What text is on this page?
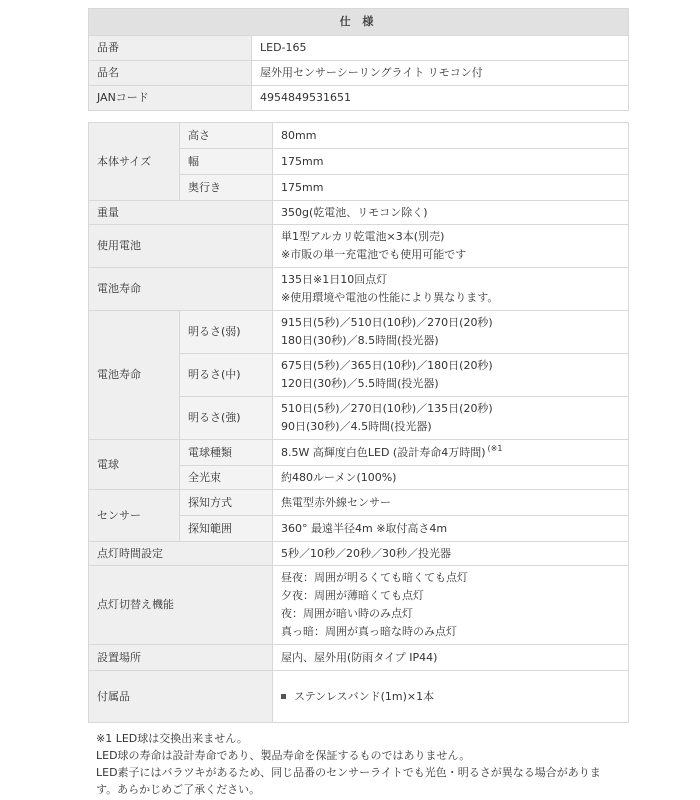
仕 様	
品番	LED-165
品名	屋外用センサーシーリングライト リモコン付
JANコード	4954849531651
本体サイズ	高さ	80mm
	幅	175mm
	奥行き	175mm
重量		350g(乾電池、リモコン除く)
使用電池		単1型アルカリ乾電池×3本(別売)
※市販の単一充電池でも使用可能です

電池寿命		135日※1日10回点灯
※使用環境や電池の性能により異なります。

電池寿命	明るさ(弱)	915日(5秒)／510日(10秒)／270日(20秒)
180日(30秒)／8.5時間(投光器)

	明るさ(中)	675日(5秒)／365日(10秒)／180日(20秒)
120日(30秒)／5.5時間(投光器)

	明るさ(強)	510日(5秒)／270日(10秒)／135日(20秒)
90日(30秒)／4.5時間(投光器)

電球	電球種類	8.5W 高輝度白色LED (設計寿命4万時間) $^{(※1}$
	全光束	約480ルーメン(100%)
センサー	探知方式	焦電型赤外線センサー
	探知範囲	360° 最遠半径4m ※取付高さ4m
点灯時間設定		5秒／10秒／20秒／30秒／投光器
点灯切替え機能		昼夜：周囲が明るくても暗くても点灯
夕夜：周囲が薄暗くても点灯
夜：周囲が暗い時のみ点灯
真っ暗：周囲が真っ暗な時のみ点灯

設置場所		屋内、屋外用(防雨タイプ IP44)
付属品		ステンレスバンド(1m)×1本
※1 LED球は交換出来ません。
LED球の寿命は設計寿命であり、製品寿命を保証するものではありません。
LED素子にはバラツキがあるため、同じ品番のセンサーライトでも光色・明るさが異なる場合がありま
す。あらかじめご了承ください。
